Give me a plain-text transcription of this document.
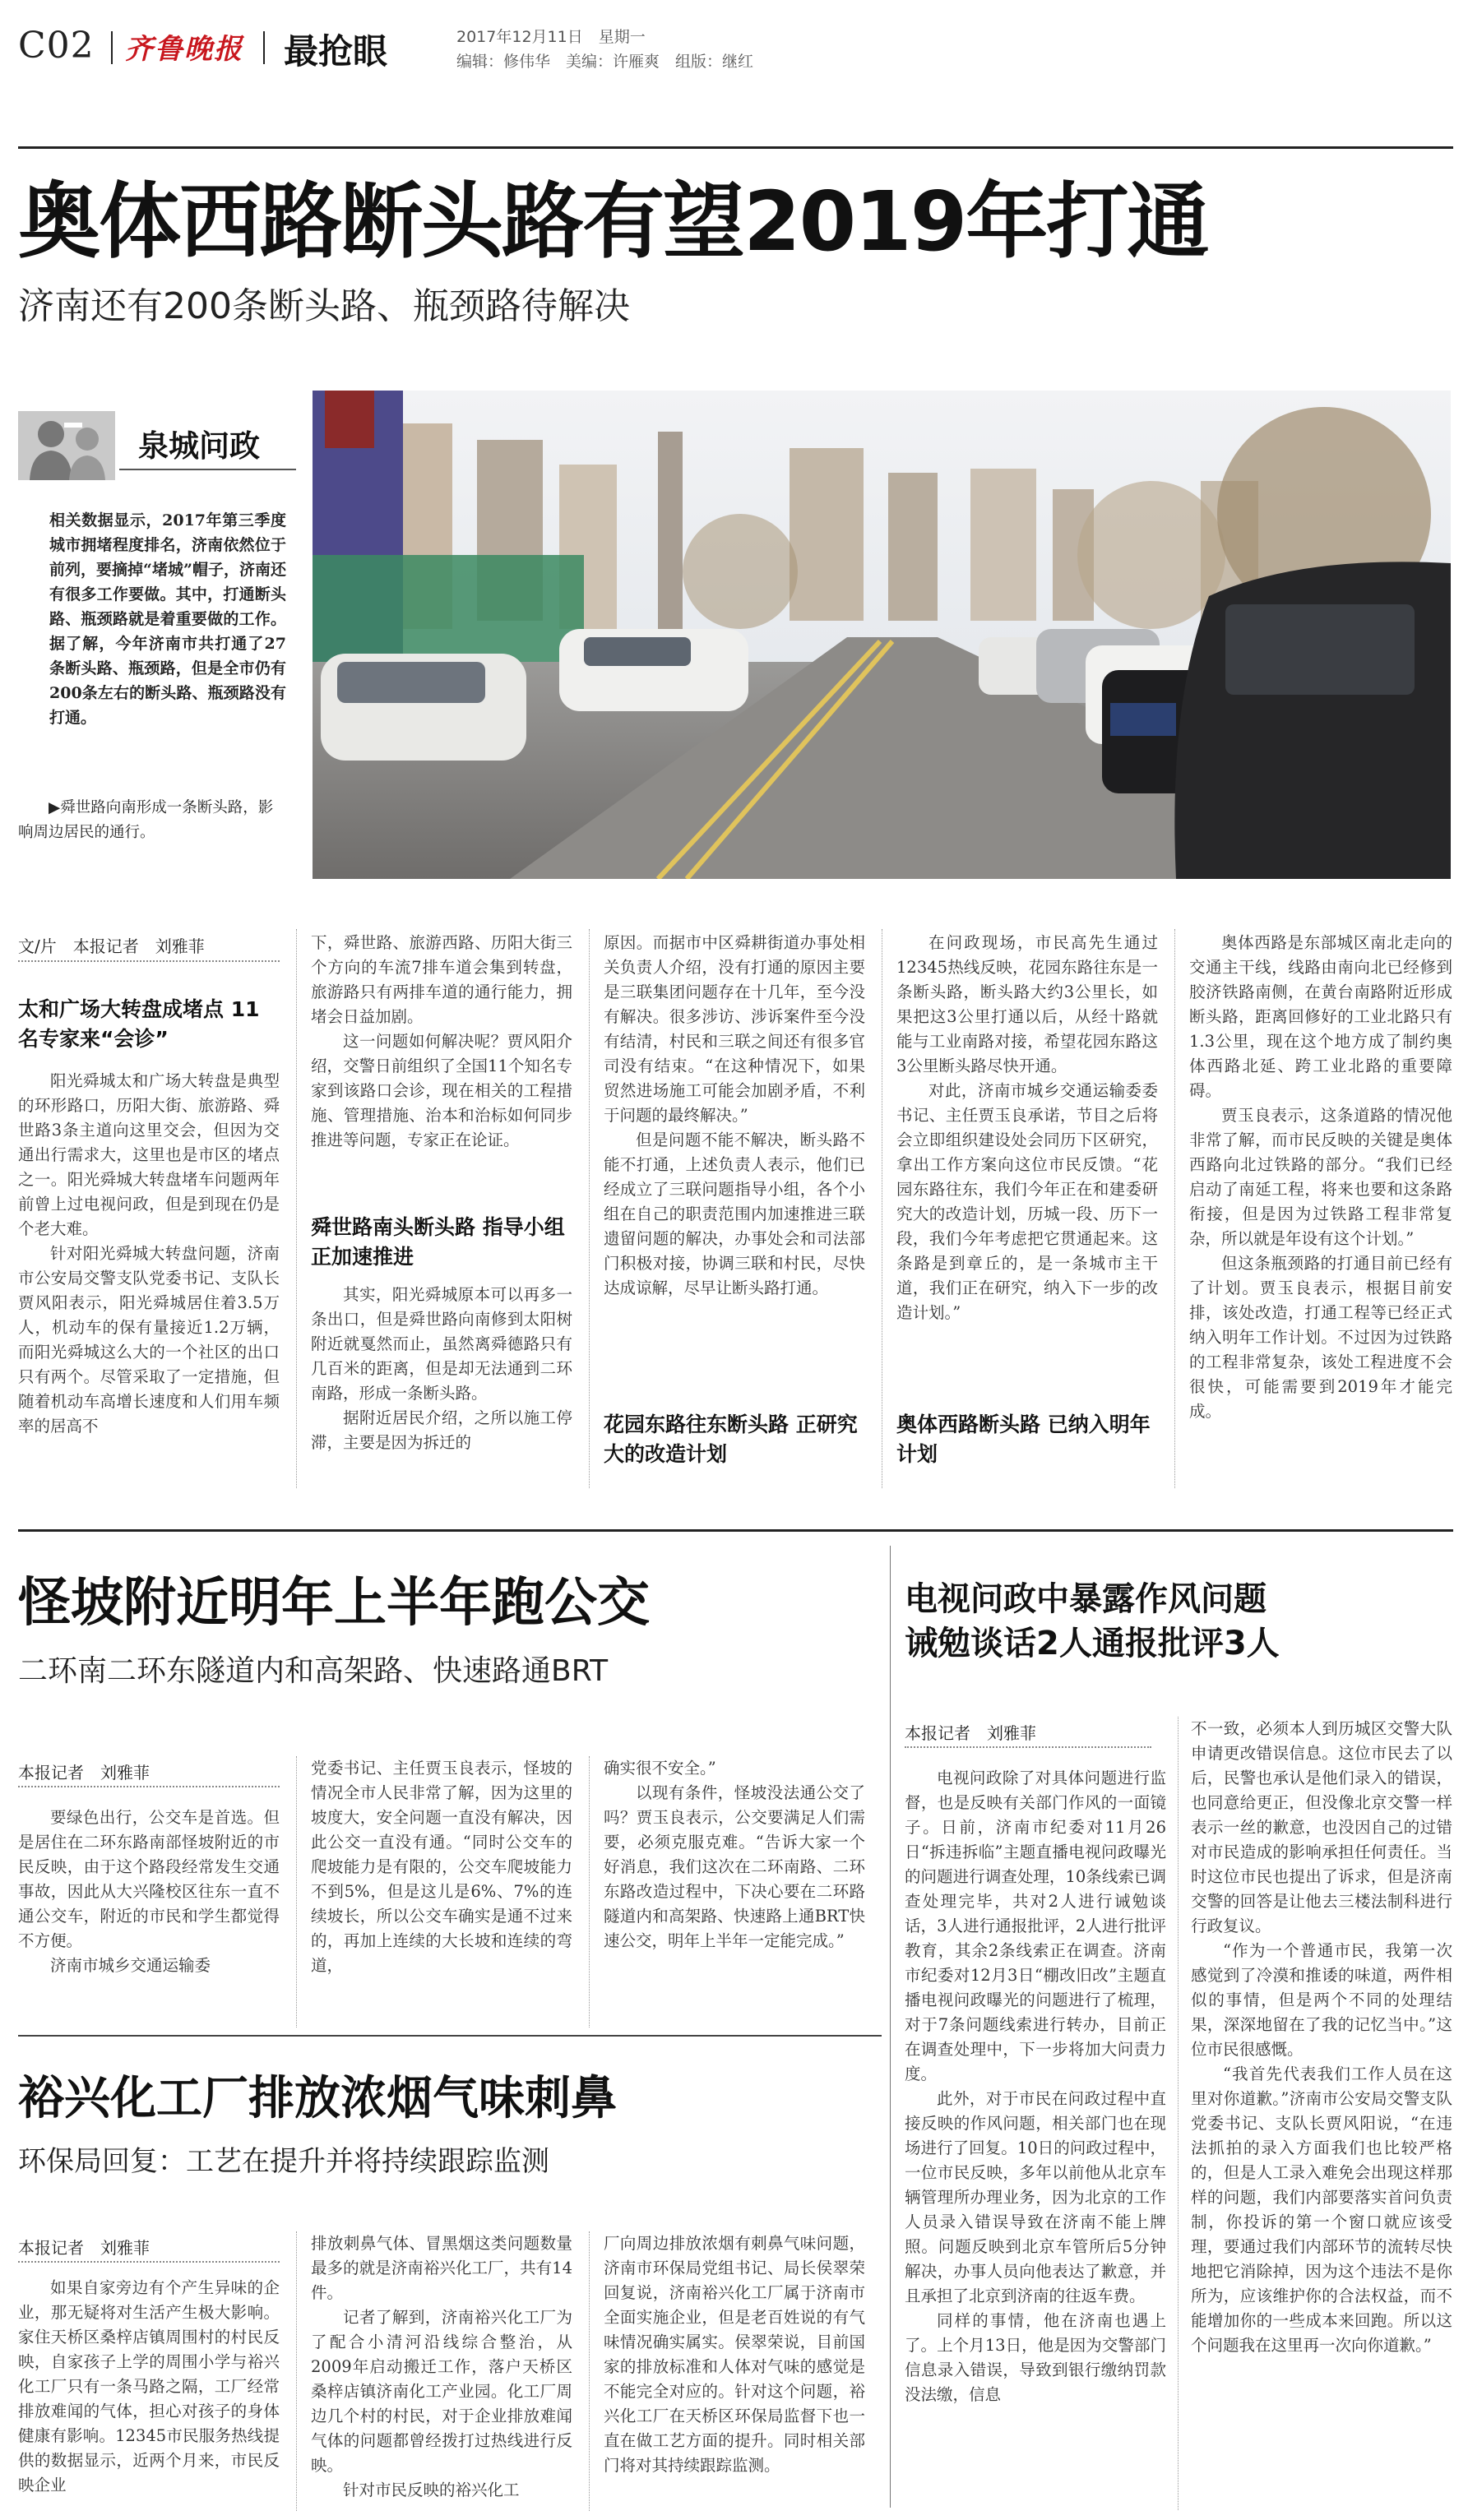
C02 齐鲁晚报 最抢眼	2017年12月11日　星期一
编辑：修伟华　美编：许雁爽　组版：继红
奥体西路断头路有望2019年打通
济南还有200条断头路、瓶颈路待解决
泉城问政
相关数据显示，2017年第三季度城市拥堵程度排名，济南依然位于前列，要摘掉“堵城”帽子，济南还有很多工作要做。其中，打通断头路、瓶颈路就是着重要做的工作。据了解，今年济南市共打通了27条断头路、瓶颈路，但是全市仍有200条左右的断头路、瓶颈路没有打通。
▶舜世路向南形成一条断头路，影响周边居民的通行。
文/片　本报记者　刘雅菲
太和广场大转盘成堵点 11名专家来“会诊”

阳光舜城太和广场大转盘是典型的环形路口，历阳大街、旅游路、舜世路3条主道向这里交会，但因为交通出行需求大，这里也是市区的堵点之一。阳光舜城大转盘堵车问题两年前曾上过电视问政，但是到现在仍是个老大难。

针对阳光舜城大转盘问题，济南市公安局交警支队党委书记、支队长贾风阳表示，阳光舜城居住着3.5万人，机动车的保有量接近1.2万辆，而阳光舜城这么大的一个社区的出口只有两个。尽管采取了一定措施，但随着机动车高增长速度和人们用车频率的居高不

下，舜世路、旅游西路、历阳大街三个方向的车流7排车道会集到转盘，旅游路只有两排车道的通行能力，拥堵会日益加剧。

这一问题如何解决呢？贾风阳介绍，交警日前组织了全国11个知名专家到该路口会诊，现在相关的工程措施、管理措施、治本和治标如何同步推进等问题，专家正在论证。

舜世路南头断头路 指导小组正加速推进

其实，阳光舜城原本可以再多一条出口，但是舜世路向南修到太阳树附近就戛然而止，虽然离舜德路只有几百米的距离，但是却无法通到二环南路，形成一条断头路。

据附近居民介绍，之所以施工停滞，主要是因为拆迁的

原因。而据市中区舜耕街道办事处相关负责人介绍，没有打通的原因主要是三联集团问题存在十几年，至今没有解决。很多涉访、涉诉案件至今没有结清，村民和三联之间还有很多官司没有结束。“在这种情况下，如果贸然进场施工可能会加剧矛盾，不利于问题的最终解决。”

但是问题不能不解决，断头路不能不打通，上述负责人表示，他们已经成立了三联问题指导小组，各个小组在自己的职责范围内加速推进三联遗留问题的解决，办事处会和司法部门积极对接，协调三联和村民，尽快达成谅解，尽早让断头路打通。

花园东路往东断头路 正研究大的改造计划

在问政现场，市民高先生通过12345热线反映，花园东路往东是一条断头路，断头路大约3公里长，如果把这3公里打通以后，从经十路就能与工业南路对接，希望花园东路这3公里断头路尽快开通。

对此，济南市城乡交通运输委委书记、主任贾玉良承诺，节目之后将会立即组织建设处会同历下区研究，拿出工作方案向这位市民反馈。“花园东路往东，我们今年正在和建委研究大的改造计划，历城一段、历下一段，我们今年考虑把它贯通起来。这条路是到章丘的，是一条城市主干道，我们正在研究，纳入下一步的改造计划。”

奥体西路断头路 已纳入明年计划

奥体西路是东部城区南北走向的交通主干线，线路由南向北已经修到胶济铁路南侧，在黄台南路附近形成断头路，距离回修好的工业北路只有1.3公里，现在这个地方成了制约奥体西路北延、跨工业北路的重要障碍。

贾玉良表示，这条道路的情况他非常了解，而市民反映的关键是奥体西路向北过铁路的部分。“我们已经启动了南延工程，将来也要和这条路衔接，但是因为过铁路工程非常复杂，所以就是年设有这个计划。”

但这条瓶颈路的打通目前已经有了计划。贾玉良表示，根据目前安排，该处改造，打通工程等已经正式纳入明年工作计划。不过因为过铁路的工程非常复杂，该处工程进度不会很快，可能需要到2019年才能完成。

怪坡附近明年上半年跑公交
二环南二环东隧道内和高架路、快速路通BRT
本报记者　刘雅菲

要绿色出行，公交车是首选。但是居住在二环东路南部怪坡附近的市民反映，由于这个路段经常发生交通事故，因此从大兴隆校区往东一直不通公交车，附近的市民和学生都觉得不方便。

济南市城乡交通运输委

党委书记、主任贾玉良表示，怪坡的情况全市人民非常了解，因为这里的坡度大，安全问题一直没有解决，因此公交一直没有通。“同时公交车的爬坡能力是有限的，公交车爬坡能力不到5%，但是这儿是6%、7%的连续坡长，所以公交车确实是通不过来的，再加上连续的大长坡和连续的弯道，

确实很不安全。”

以现有条件，怪坡没法通公交了吗？贾玉良表示，公交要满足人们需要，必须克服克难。“告诉大家一个好消息，我们这次在二环南路、二环东路改造过程中，下决心要在二环路隧道内和高架路、快速路上通BRT快速公交，明年上半年一定能完成。”

裕兴化工厂排放浓烟气味刺鼻
环保局回复：工艺在提升并将持续跟踪监测
本报记者　刘雅菲

如果自家旁边有个产生异味的企业，那无疑将对生活产生极大影响。家住天桥区桑梓店镇周围村的村民反映，自家孩子上学的周围小学与裕兴化工厂只有一条马路之隔，工厂经常排放难闻的气体，担心对孩子的身体健康有影响。12345市民服务热线提供的数据显示，近两个月来，市民反映企业

排放刺鼻气体、冒黑烟这类问题数量最多的就是济南裕兴化工厂，共有14件。

记者了解到，济南裕兴化工厂为了配合小清河沿线综合整治，从2009年启动搬迁工作，落户天桥区桑梓店镇济南化工产业园。化工厂周边几个村的村民，对于企业排放难闻气体的问题都曾经拨打过热线进行反映。

针对市民反映的裕兴化工

厂向周边排放浓烟有刺鼻气味问题，济南市环保局党组书记、局长侯翠荣回复说，济南裕兴化工厂属于济南市全面实施企业，但是老百姓说的有气味情况确实属实。侯翠荣说，目前国家的排放标准和人体对气味的感觉是不能完全对应的。针对这个问题，裕兴化工厂在天桥区环保局监督下也一直在做工艺方面的提升。同时相关部门将对其持续跟踪监测。

电视问政中暴露作风问题
诫勉谈话2人通报批评3人
本报记者　刘雅菲

电视问政除了对具体问题进行监督，也是反映有关部门作风的一面镜子。日前，济南市纪委对11月26日“拆违拆临”主题直播电视问政曝光的问题进行调查处理，10条线索已调查处理完毕，共对2人进行诫勉谈话，3人进行通报批评，2人进行批评教育，其余2条线索正在调查。济南市纪委对12月3日“棚改旧改”主题直播电视问政曝光的问题进行了梳理，对于7条问题线索进行转办，目前正在调查处理中，下一步将加大问责力度。

此外，对于市民在问政过程中直接反映的作风问题，相关部门也在现场进行了回复。10日的问政过程中，一位市民反映，多年以前他从北京车辆管理所办理业务，因为北京的工作人员录入错误导致在济南不能上牌照。问题反映到北京车管所后5分钟解决，办事人员向他表达了歉意，并且承担了北京到济南的往返车费。

同样的事情，他在济南也遇上了。上个月13日，他是因为交警部门信息录入错误，导致到银行缴纳罚款没法缴，信息

不一致，必须本人到历城区交警大队申请更改错误信息。这位市民去了以后，民警也承认是他们录入的错误，也同意给更正，但没像北京交警一样表示一丝的歉意，也没因自己的过错对市民造成的影响承担任何责任。当时这位市民也提出了诉求，但是济南交警的回答是让他去三楼法制科进行行政复议。

“作为一个普通市民，我第一次感觉到了冷漠和推诿的味道，两件相似的事情，但是两个不同的处理结果，深深地留在了我的记忆当中。”这位市民很感慨。

“我首先代表我们工作人员在这里对你道歉。”济南市公安局交警支队党委书记、支队长贾风阳说，“在违法抓拍的录入方面我们也比较严格的，但是人工录入难免会出现这样那样的问题，我们内部要落实首问负责制，你投诉的第一个窗口就应该受理，要通过我们内部环节的流转尽快地把它消除掉，因为这个违法不是你所为，应该维护你的合法权益，而不能增加你的一些成本来回跑。所以这个问题我在这里再一次向你道歉。”
